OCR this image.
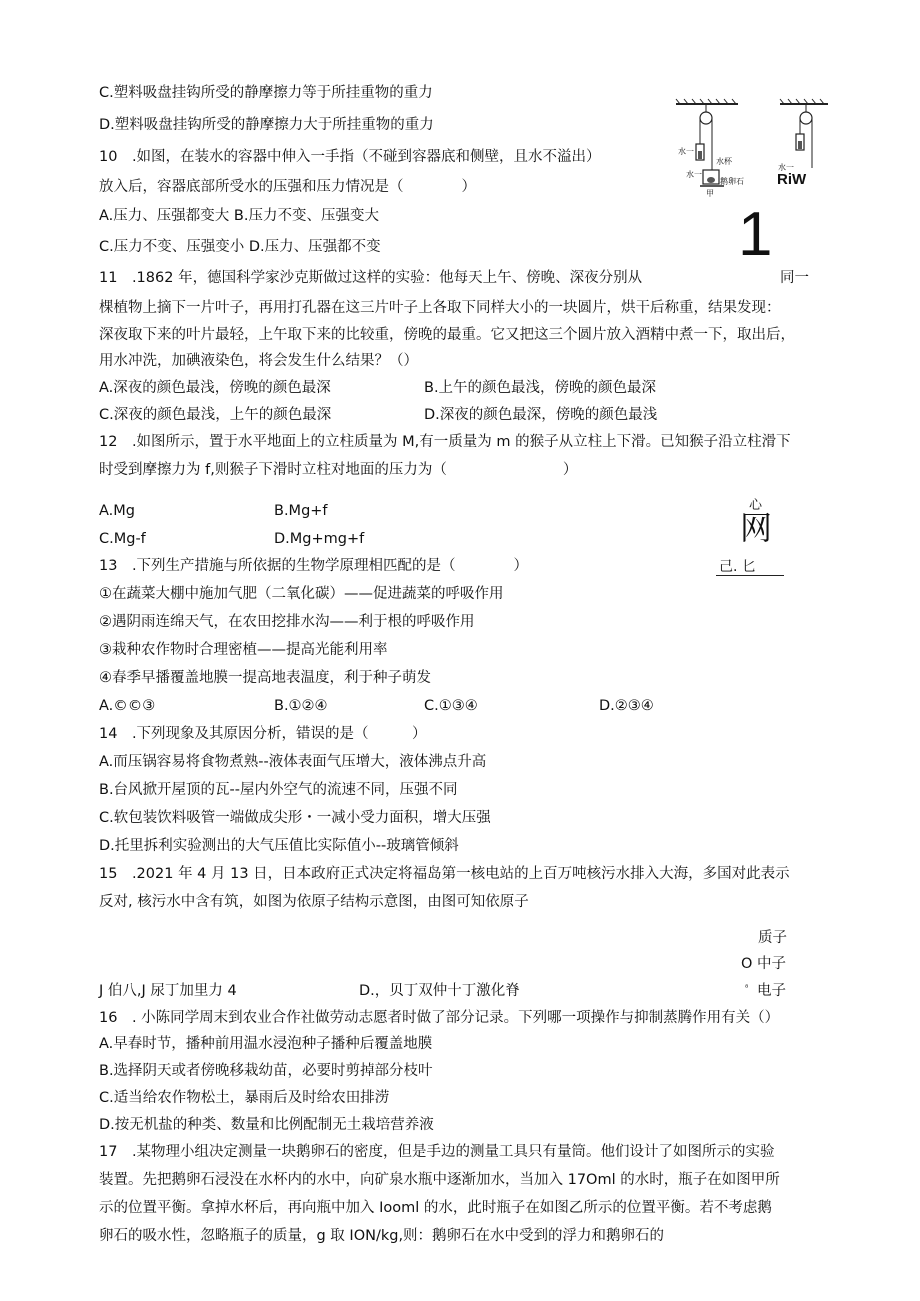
C.塑料吸盘挂钩所受的静摩擦力等于所挂重物的重力
D.塑料吸盘挂钩所受的静摩擦力大于所挂重物的重力
10　.如图，在装水的容器中伸入一手指（不碰到容器底和侧壁，且水不溢出）
放入后，容器底部所受水的压强和压力情况是（　　　　）
A.压力、压强都变大 B.压力不变、压强变大
C.压力不变、压强变小 D.压力、压强都不变
水一
水杯
水一
鹅卵石
甲
水一
RiW
1
11　.1862 年，德国科学家沙克斯做过这样的实验：他每天上午、傍晚、深夜分别从	同一
棵植物上摘下一片叶子，再用打孔器在这三片叶子上各取下同样大小的一块圆片，烘干后称重，结果发现：
深夜取下来的叶片最轻，上午取下来的比较重，傍晚的最重。它又把这三个圆片放入酒精中煮一下，取出后，
用水冲洗，加碘液染色，将会发生什么结果？（）
A.深夜的颜色最浅，傍晚的颜色最深	B.上午的颜色最浅，傍晚的颜色最深
C.深夜的颜色最浅，上午的颜色最深	D.深夜的颜色最深，傍晚的颜色最浅
12　.如图所示，置于水平地面上的立柱质量为 M,有一质量为 m 的猴子从立柱上下滑。已知猴子沿立柱滑下
时受到摩擦力为 f,则猴子下滑时立柱对地面的压力为（　　　　　　　　）
A.Mg	B.Mg+f
C.Mg-f	D.Mg+mg+f
心
网
己. 匕
13　.下列生产措施与所依据的生物学原理相匹配的是（　　　　）
①在蔬菜大棚中施加气肥（二氧化碳）——促进蔬菜的呼吸作用
②遇阴雨连绵天气，在农田挖排水沟——利于根的呼吸作用
③栽种农作物时合理密植——提高光能利用率
④春季早播覆盖地膜一提高地表温度，利于种子萌发
A.©©③	B.①②④	C.①③④	D.②③④
14　.下列现象及其原因分析，错误的是（　　　）
A.而压锅容易将食物煮熟--液体表面气压增大，液体沸点升高
B.台风掀开屋顶的瓦--屋内外空气的流速不同，压强不同
C.软包装饮料吸管一端做成尖形・一减小受力面积，增大压强
D.托里拆利实验测出的大气压值比实际值小--玻璃管倾斜
15　.2021 年 4 月 13 日，日本政府正式决定将福岛第一核电站的上百万吨核污水排入大海，多国对此表示
反对, 核污水中含有筑，如图为依原子结构示意图，由图可知依原子
质子
O 中子
J 伯八,J 尿丁加里力 4	D.，贝丁双仲十丁激化脊	⁸ 电子
16　. 小陈同学周末到农业合作社做劳动志愿者时做了部分记录。下列哪一项操作与抑制蒸腾作用有关（）
A.早春时节，播种前用温水浸泡种子播种后覆盖地膜
B.选择阴天或者傍晚移栽幼苗，必要时剪掉部分枝叶
C.适当给农作物松土，暴雨后及时给农田排涝
D.按无机盐的种类、数量和比例配制无土栽培营养液
17　.某物理小组决定测量一块鹅卵石的密度，但是手边的测量工具只有量筒。他们设计了如图所示的实验
装置。先把鹅卵石浸没在水杯内的水中，向矿泉水瓶中逐渐加水，当加入 17Oml 的水时，瓶子在如图甲所
示的位置平衡。拿掉水杯后，再向瓶中加入 Iooml 的水，此时瓶子在如图乙所示的位置平衡。若不考虑鹅
卵石的吸水性，忽略瓶子的质量，g 取 ION/kg,则：鹅卵石在水中受到的浮力和鹅卵石的
